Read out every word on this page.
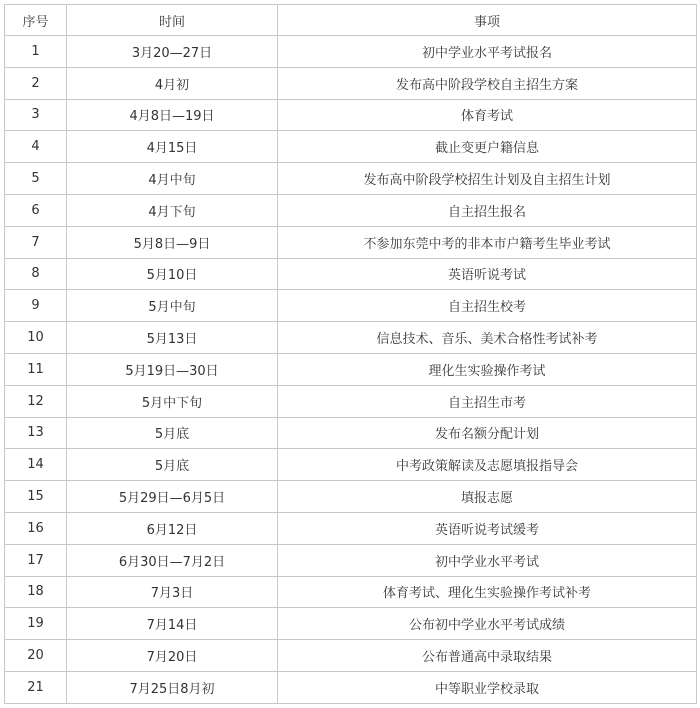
序号	时间	事项
1	3月20—27日	初中学业水平考试报名
2	4月初	发布高中阶段学校自主招生方案
3	4月8日—19日	体育考试
4	4月15日	截止变更户籍信息
5	4月中旬	发布高中阶段学校招生计划及自主招生计划
6	4月下旬	自主招生报名
7	5月8日—9日	不参加东莞中考的非本市户籍考生毕业考试
8	5月10日	英语听说考试
9	5月中旬	自主招生校考
10	5月13日	信息技术、音乐、美术合格性考试补考
11	5月19日—30日	理化生实验操作考试
12	5月中下旬	自主招生市考
13	5月底	发布名额分配计划
14	5月底	中考政策解读及志愿填报指导会
15	5月29日—6月5日	填报志愿
16	6月12日	英语听说考试缓考
17	6月30日—7月2日	初中学业水平考试
18	7月3日	体育考试、理化生实验操作考试补考
19	7月14日	公布初中学业水平考试成绩
20	7月20日	公布普通高中录取结果
21	7月25日8月初	中等职业学校录取
